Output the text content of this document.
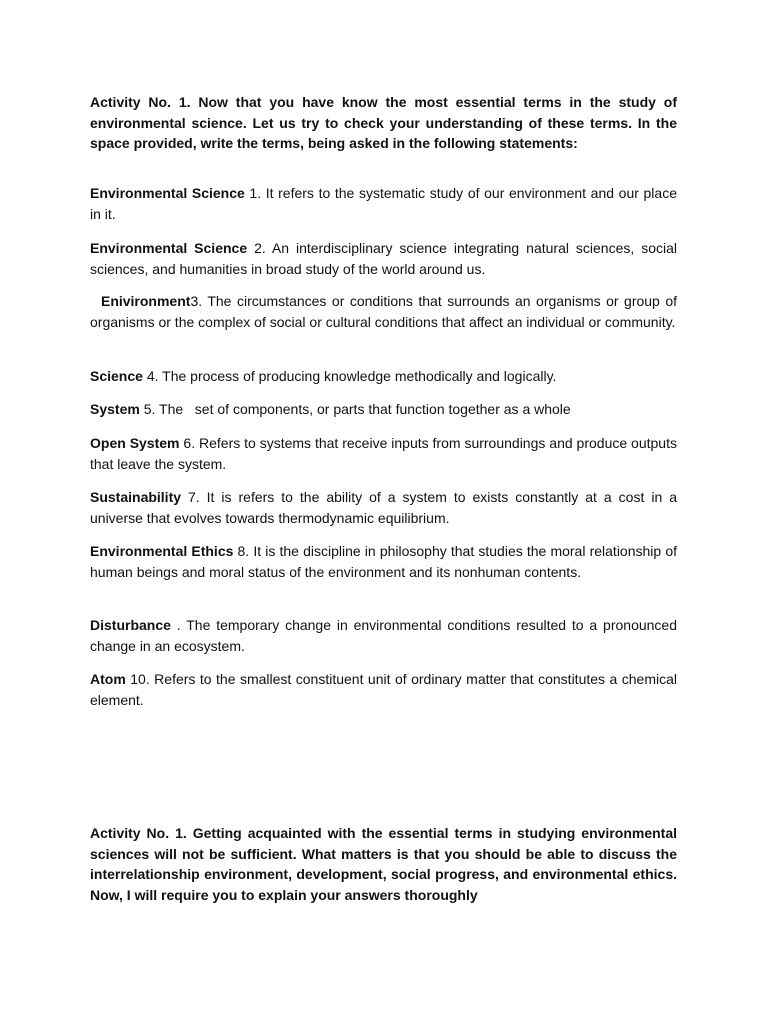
Activity No. 1. Now that you have know the most essential terms in the study of environmental science. Let us try to check your understanding of these terms. In the space provided, write the terms, being asked in the following statements:

Environmental Science 1. It refers to the systematic study of our environment and our place in it.

Environmental Science 2. An interdisciplinary science integrating natural sciences, social sciences, and humanities in broad study of the world around us.

Enivironment3. The circumstances or conditions that surrounds an organisms or group of organisms or the complex of social or cultural conditions that affect an individual or community.

Science 4. The process of producing knowledge methodically and logically.

System 5. The   set of components, or parts that function together as a whole

Open System 6. Refers to systems that receive inputs from surroundings and produce outputs that leave the system.

Sustainability 7. It is refers to the ability of a system to exists constantly at a cost in a universe that evolves towards thermodynamic equilibrium.

Environmental Ethics 8. It is the discipline in philosophy that studies the moral relationship of human beings and moral status of the environment and its nonhuman contents.

Disturbance . The temporary change in environmental conditions resulted to a pronounced change in an ecosystem.

Atom 10. Refers to the smallest constituent unit of ordinary matter that constitutes a chemical element.

Activity No. 1. Getting acquainted with the essential terms in studying environmental sciences will not be sufficient. What matters is that you should be able to discuss the interrelationship environment, development, social progress, and environmental ethics. Now, I will require you to explain your answers thoroughly
